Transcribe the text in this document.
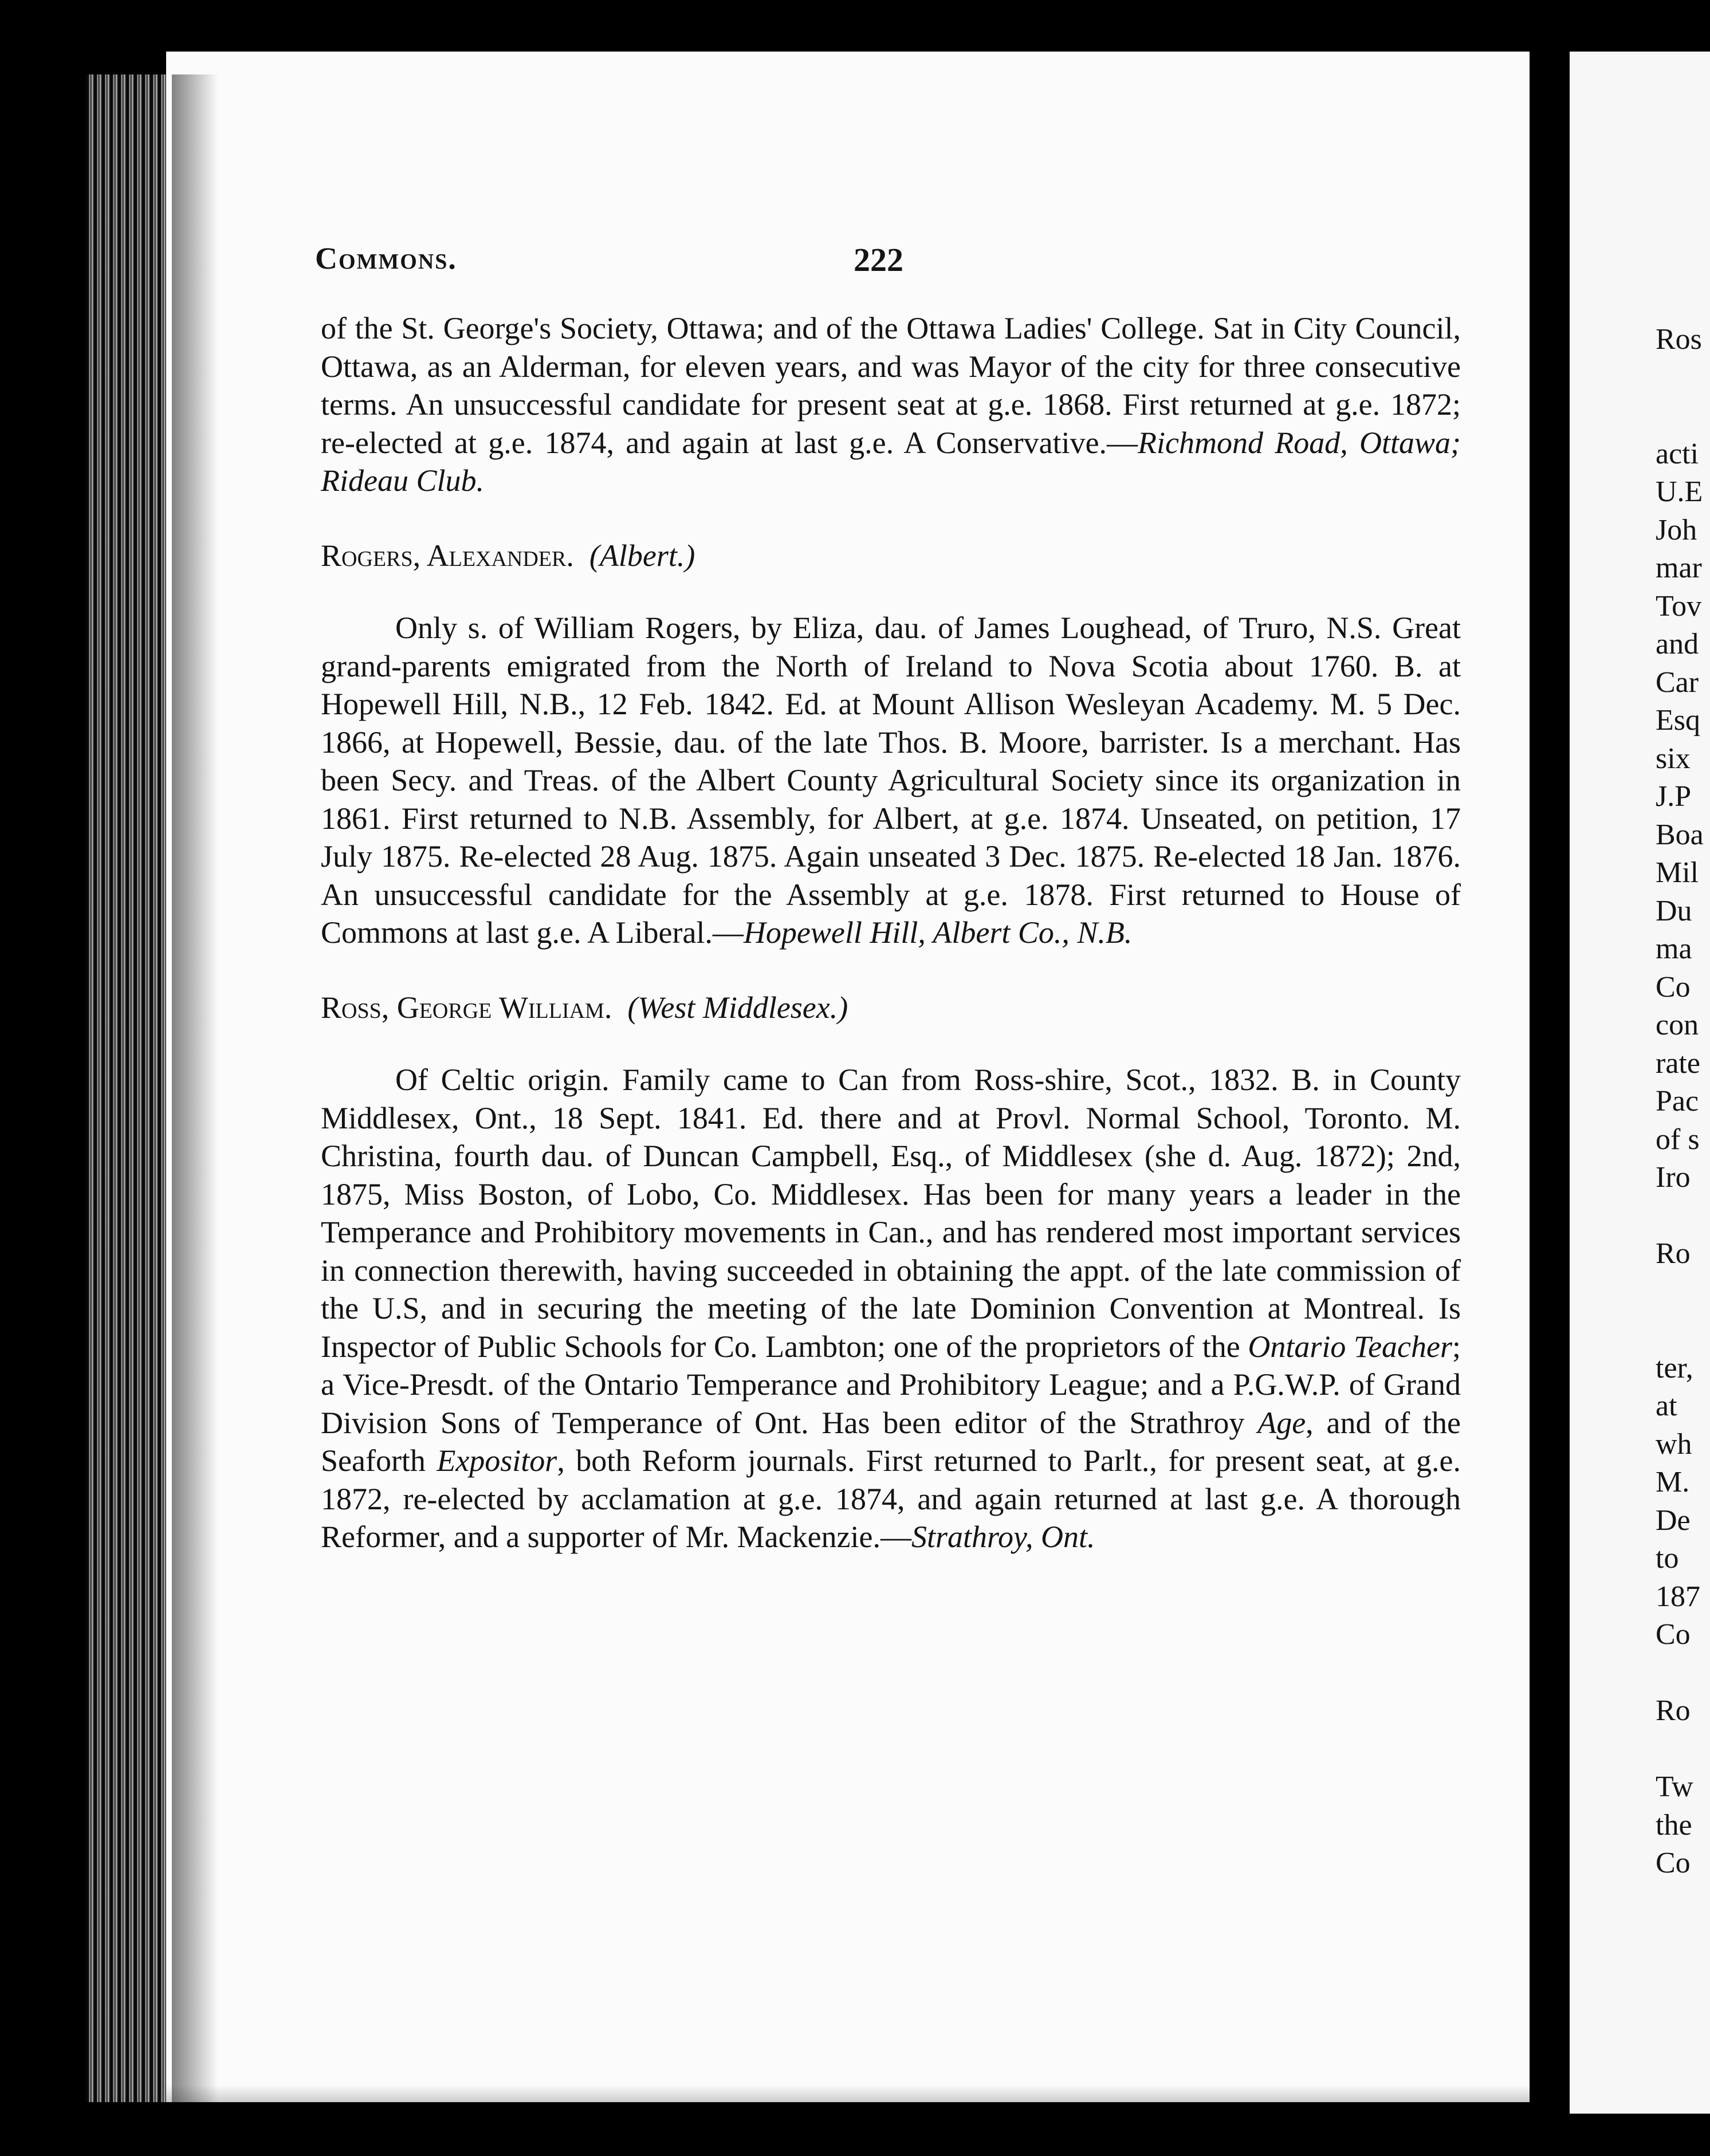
Commons.	222

of the St. George's Society, Ottawa; and of the Ottawa Ladies' College. Sat in City Council, Ottawa, as an Alderman, for eleven years, and was Mayor of the city for three consecutive terms. An unsuccessful candidate for present seat at g.e. 1868. First returned at g.e. 1872; re-elected at g.e. 1874, and again at last g.e. A Conservative.—Richmond Road, Ottawa; Rideau Club.

Rogers, Alexander. (Albert.)

Only s. of William Rogers, by Eliza, dau. of James Loughead, of Truro, N.S. Great grand-parents emigrated from the North of Ireland to Nova Scotia about 1760. B. at Hopewell Hill, N.B., 12 Feb. 1842. Ed. at Mount Allison Wesleyan Academy. M. 5 Dec. 1866, at Hopewell, Bessie, dau. of the late Thos. B. Moore, barrister. Is a merchant. Has been Secy. and Treas. of the Albert County Agricultural Society since its organization in 1861. First returned to N.B. Assembly, for Albert, at g.e. 1874. Unseated, on petition, 17 July 1875. Re-elected 28 Aug. 1875. Again unseated 3 Dec. 1875. Re-elected 18 Jan. 1876. An unsuccessful candidate for the Assembly at g.e. 1878. First returned to House of Commons at last g.e. A Liberal.—Hopewell Hill, Albert Co., N.B.

Ross, George William. (West Middlesex.)

Of Celtic origin. Family came to Can from Ross-shire, Scot., 1832. B. in County Middlesex, Ont., 18 Sept. 1841. Ed. there and at Provl. Normal School, Toronto. M. Christina, fourth dau. of Duncan Campbell, Esq., of Middlesex (she d. Aug. 1872); 2nd, 1875, Miss Boston, of Lobo, Co. Middlesex. Has been for many years a leader in the Temperance and Prohibitory movements in Can., and has rendered most important services in connection therewith, having succeeded in obtaining the appt. of the late commission of the U.S, and in securing the meeting of the late Dominion Convention at Montreal. Is Inspector of Public Schools for Co. Lambton; one of the proprietors of the Ontario Teacher; a Vice-Presdt. of the Ontario Temperance and Prohibitory League; and a P.G.W.P. of Grand Division Sons of Temperance of Ont. Has been editor of the Strathroy Age, and of the Seaforth Expositor, both Reform journals. First returned to Parlt., for present seat, at g.e. 1872, re-elected by acclamation at g.e. 1874, and again returned at last g.e. A thorough Reformer, and a supporter of Mr. Mackenzie.—Strathroy, Ont.

Ros
acti
U.E
Joh
mar
Tov
and
Car
Esq
six
J.P
Boa
Mil
Du
ma
Co
con
rate
Pac
of s
Iro
Ro
ter,
at
wh
M.
De
to
187
Co
Ro
Tw
the
Co
